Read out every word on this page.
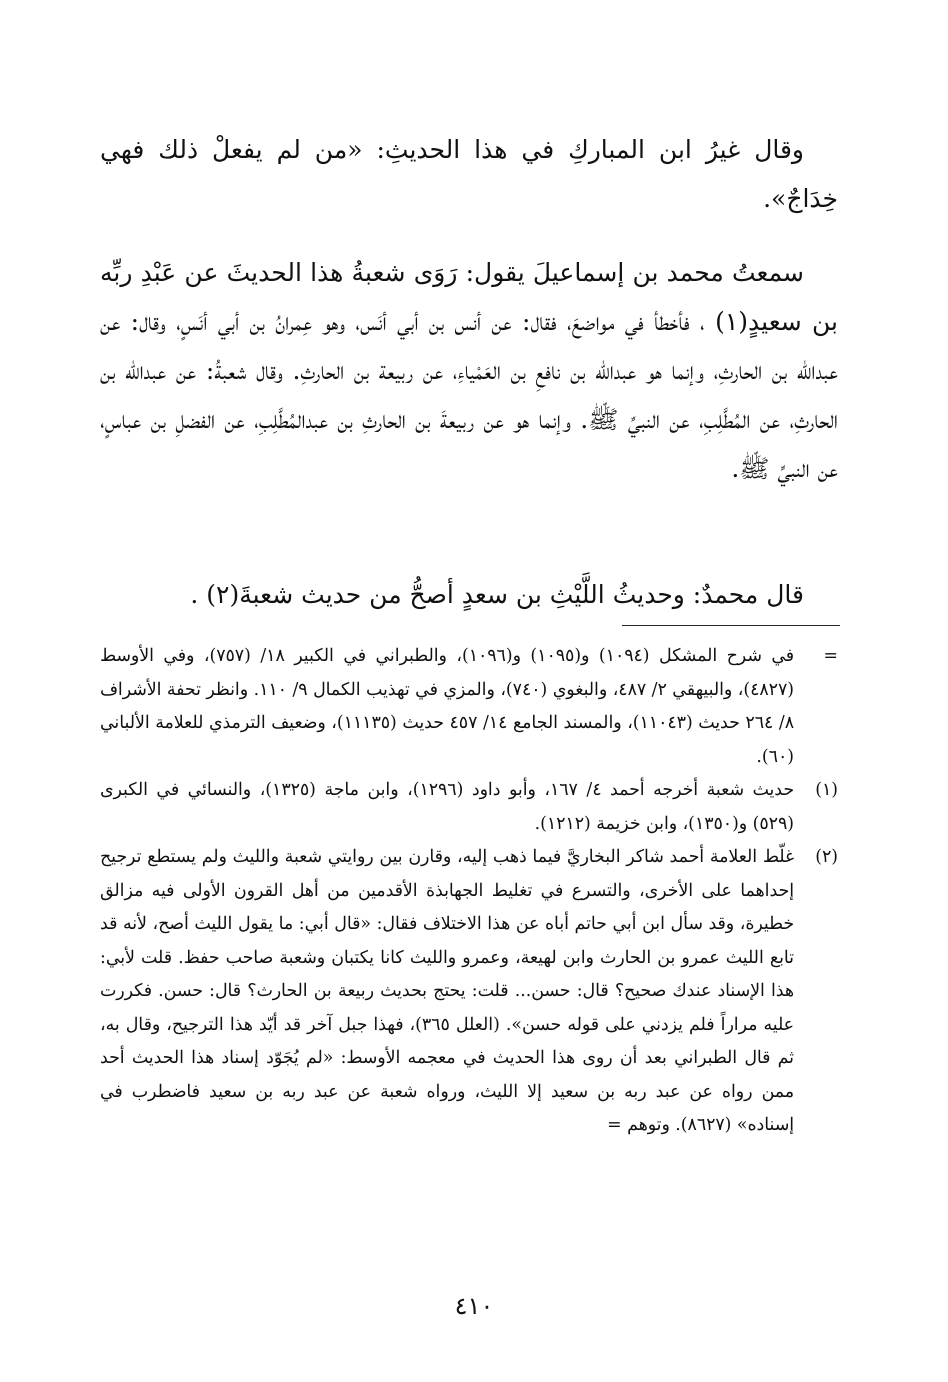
وقال غيرُ ابن المباركِ في هذا الحديثِ: «من لم يفعلْ ذلك فهي خِدَاجٌ».

سمعتُ محمد بن إسماعيلَ يقول: رَوَى شعبةُ هذا الحديثَ عن عَبْدِ ربِّه بن سعيدٍ(١) ، فأخطأ في مواضعَ، فقال: عن أنس بن أبي أنَس، وهو عِمرانُ بن أبي أنَسٍ، وقال: عن عبدالله بن الحارثِ، وإنما هو عبدالله بن نافعِ بن العَمْياءِ، عن ربيعة بن الحارثِ. وقال شعبةُ: عن عبدالله بن الحارثِ، عن المُطَّلِبِ، عن النبيِّ ﷺ. وإنما هو عن ربيعةَ بن الحارثِ بن عبدالمُطَّلِبِ، عن الفضلِ بن عباسٍ، عن النبيِّ ﷺ.

قال محمدٌ: وحديثُ اللَّيْثِ بن سعدٍ أصحُّ من حديث شعبةَ(٢) .

=

في شرح المشكل (١٠٩٤) و(١٠٩٥) و(١٠٩٦)، والطبراني في الكبير ١٨/ (٧٥٧)، وفي الأوسط (٤٨٢٧)، والبيهقي ٢/ ٤٨٧، والبغوي (٧٤٠)، والمزي في تهذيب الكمال ٩/ ١١٠. وانظر تحفة الأشراف ٨/ ٢٦٤ حديث (١١٠٤٣)، والمسند الجامع ١٤/ ٤٥٧ حديث (١١١٣٥)، وضعيف الترمذي للعلامة الألباني (٦٠).

(١)

حديث شعبة أخرجه أحمد ٤/ ١٦٧، وأبو داود (١٢٩٦)، وابن ماجة (١٣٢٥)، والنسائي في الكبرى (٥٢٩) و(١٣٥٠)، وابن خزيمة (١٢١٢).

(٢)

غلّط العلامة أحمد شاكر البخاريَّ فيما ذهب إليه، وقارن بين روايتي شعبة والليث ولم يستطع ترجيح إحداهما على الأخرى، والتسرع في تغليط الجهابذة الأقدمين من أهل القرون الأولى فيه مزالق خطيرة، وقد سأل ابن أبي حاتم أباه عن هذا الاختلاف فقال: «قال أبي: ما يقول الليث أصح، لأنه قد تابع الليث عمرو بن الحارث وابن لهيعة، وعمرو والليث كانا يكتبان وشعبة صاحب حفظ. قلت لأبي: هذا الإسناد عندك صحيح؟ قال: حسن... قلت: يحتج بحديث ربيعة بن الحارث؟ قال: حسن. فكررت عليه مراراً فلم يزدني على قوله حسن». (العلل ٣٦٥)، فهذا جبل آخر قد أيّد هذا الترجيح، وقال به، ثم قال الطبراني بعد أن روى هذا الحديث في معجمه الأوسط: «لم يُجَوّد إسناد هذا الحديث أحد ممن رواه عن عبد ربه بن سعيد إلا الليث، ورواه شعبة عن عبد ربه بن سعيد فاضطرب في إسناده» (٨٦٢٧). وتوهم =

٤١٠
